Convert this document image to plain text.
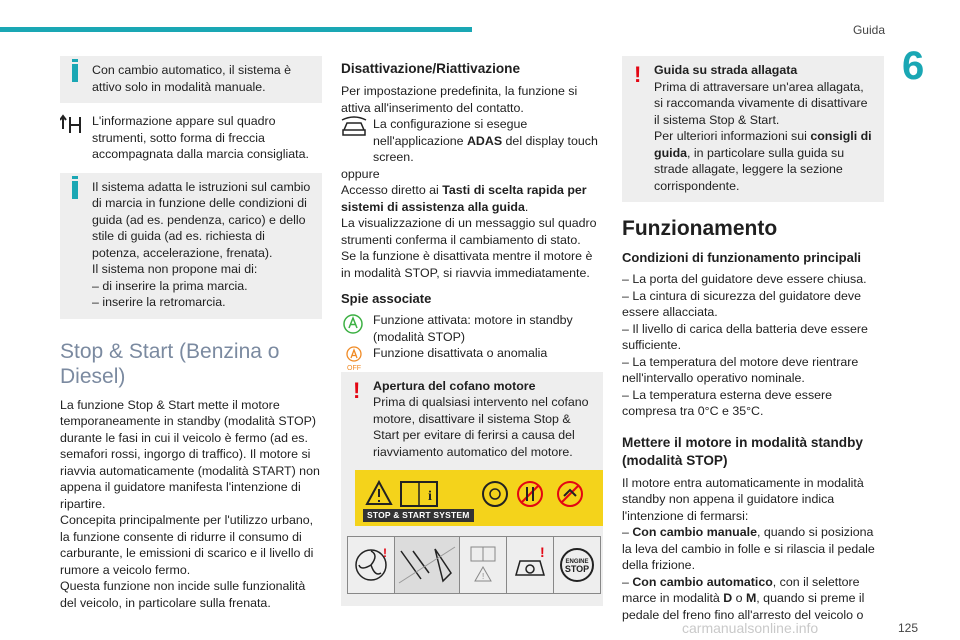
Guida
6

Con cambio automatico, il sistema è attivo solo in modalità manuale.

L'informazione appare sul quadro strumenti, sotto forma di freccia accompagnata dalla marcia consigliata.

Il sistema adatta le istruzioni sul cambio di marcia in funzione delle condizioni di guida (ad es. pendenza, carico) e dello stile di guida (ad es. richiesta di potenza, accelerazione, frenata).

Il sistema non propone mai di:

– di inserire la prima marcia.

– inserire la retromarcia.

Stop & Start (Benzina o Diesel)

La funzione Stop & Start mette il motore temporaneamente in standby (modalità STOP) durante le fasi in cui il veicolo è fermo (ad es. semafori rossi, ingorgo di traffico). Il motore si riavvia automaticamente (modalità START) non appena il guidatore manifesta l'intenzione di ripartire.

Concepita principalmente per l'utilizzo urbano, la funzione consente di ridurre il consumo di carburante, le emissioni di scarico e il livello di rumore a veicolo fermo.

Questa funzione non incide sulle funzionalità del veicolo, in particolare sulla frenata.

Disattivazione/Riattivazione

Per impostazione predefinita, la funzione si attiva all'inserimento del contatto.

La configurazione si esegue nell'applicazione ADAS del display touch screen.

oppure

Accesso diretto ai Tasti di scelta rapida per sistemi di assistenza alla guida.

La visualizzazione di un messaggio sul quadro strumenti conferma il cambiamento di stato.

Se la funzione è disattivata mentre il motore è in modalità STOP, si riavvia immediatamente.

Spie associate

Funzione attivata: motore in standby (modalità STOP)

OFF

Funzione disattivata o anomalia

! Apertura del cofano motore

Prima di qualsiasi intervento nel cofano motore, disattivare il sistema Stop & Start per evitare di ferirsi a causa del riavviamento automatico del motore.

i
STOP & START SYSTEM
!
!
!
ENGINE
STOP
! Guida su strada allagata

Prima di attraversare un'area allagata, si raccomanda vivamente di disattivare il sistema Stop & Start.

Per ulteriori informazioni sui consigli di guida, in particolare sulla guida su strade allagate, leggere la sezione corrispondente.

Funzionamento
Condizioni di funzionamento principali

– La porta del guidatore deve essere chiusa.

– La cintura di sicurezza del guidatore deve essere allacciata.

– Il livello di carica della batteria deve essere sufficiente.

– La temperatura del motore deve rientrare nell'intervallo operativo nominale.

– La temperatura esterna deve essere compresa tra 0°C e 35°C.

Mettere il motore in modalità standby (modalità STOP)

Il motore entra automaticamente in modalità standby non appena il guidatore indica l'intenzione di fermarsi:

– Con cambio manuale, quando si posiziona la leva del cambio in folle e si rilascia il pedale della frizione.

– Con cambio automatico, con il selettore marce in modalità D o M, quando si preme il pedale del freno fino all'arresto del veicolo o

carmanualsonline.info	125
